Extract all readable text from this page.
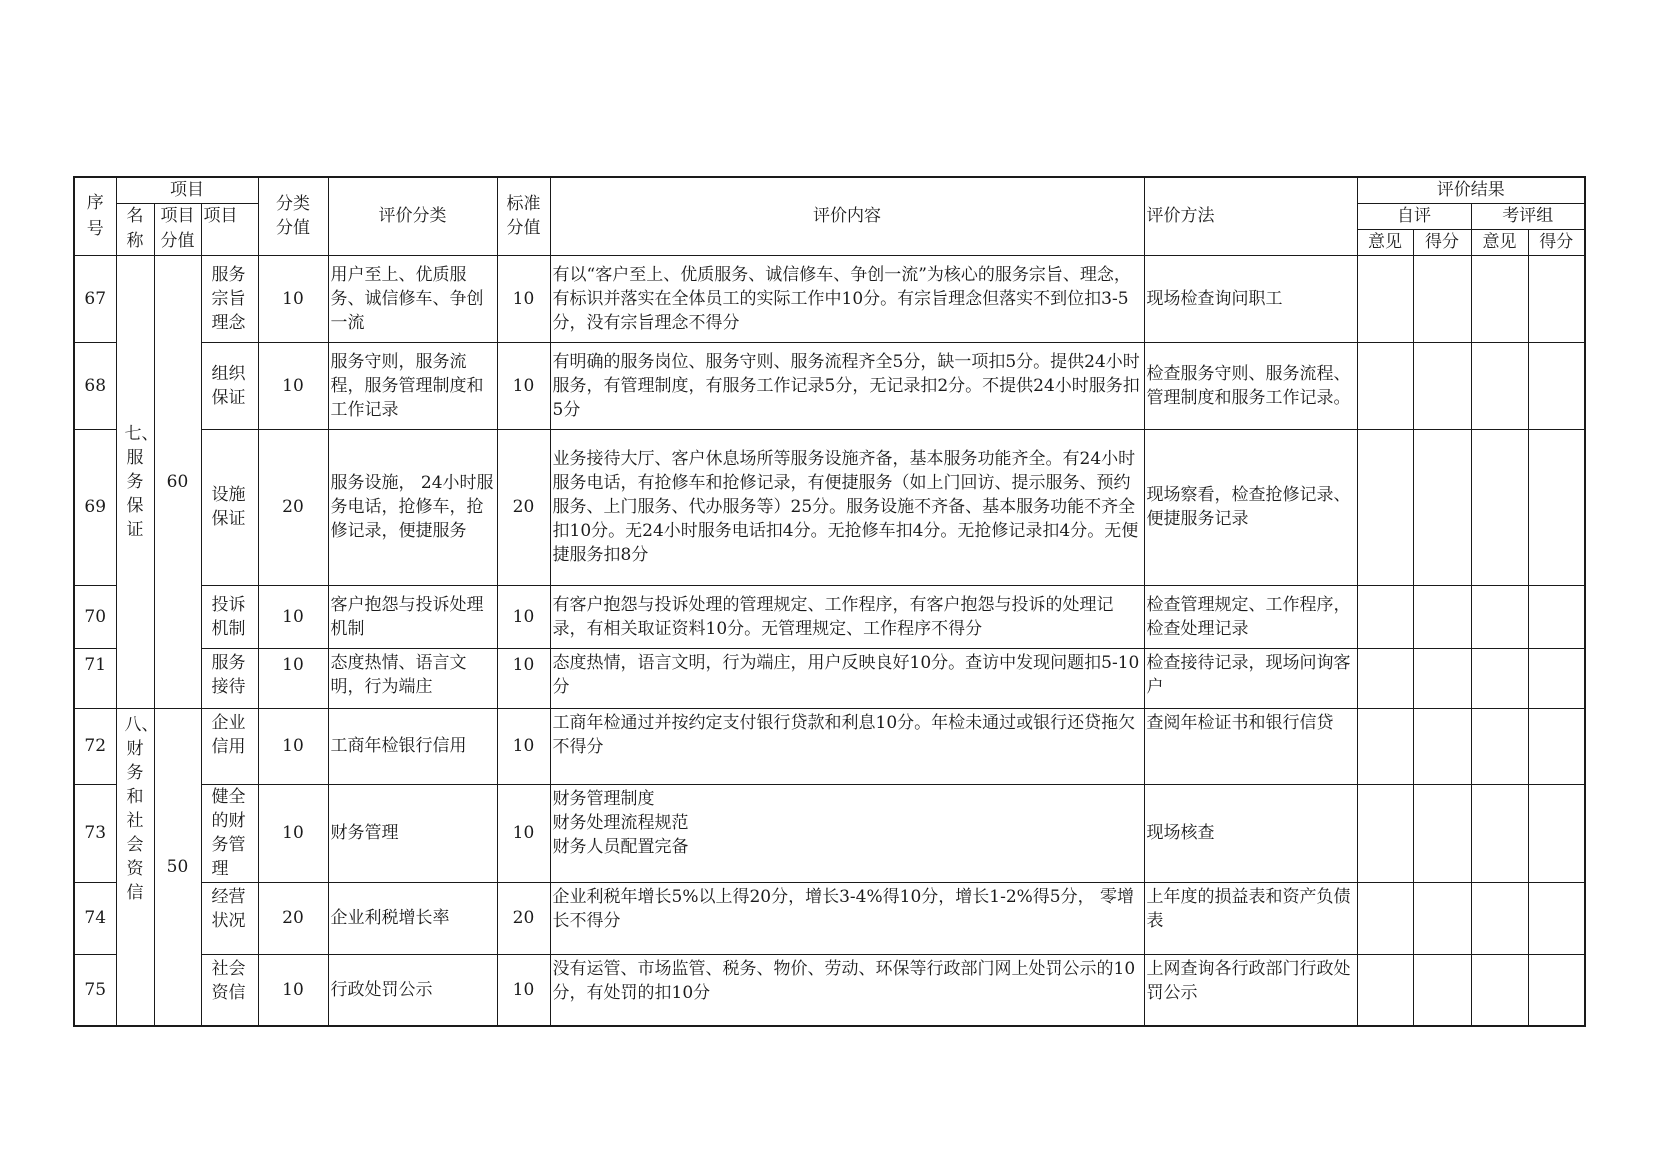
序号	项目			分类分值	评价分类	标准分值	评价内容	评价方法	评价结果			
	名称	项目分值	项目						自评		考评组	
									意见	得分	意见	得分
67	七、服务保证	60	服务宗旨理念	10	用户至上、优质服务、诚信修车、争创一流	10	有以“客户至上、优质服务、诚信修车、争创一流”为核心的服务宗旨、理念，有标识并落实在全体员工的实际工作中10分。有宗旨理念但落实不到位扣3-5分，没有宗旨理念不得分	现场检查询问职工				
68			组织保证	10	服务守则，服务流程，服务管理制度和工作记录	10	有明确的服务岗位、服务守则、服务流程齐全5分，缺一项扣5分。提供24小时服务，有管理制度，有服务工作记录5分，无记录扣2分。不提供24小时服务扣5分	检查服务守则、服务流程、管理制度和服务工作记录。				
69			设施保证	20	服务设施， 24小时服务电话，抢修车，抢修记录，便捷服务	20	业务接待大厅、客户休息场所等服务设施齐备，基本服务功能齐全。有24小时服务电话，有抢修车和抢修记录，有便捷服务（如上门回访、提示服务、预约服务、上门服务、代办服务等）25分。服务设施不齐备、基本服务功能不齐全扣10分。无24小时服务电话扣4分。无抢修车扣4分。无抢修记录扣4分。无便捷服务扣8分	现场察看，检查抢修记录、便捷服务记录				
70			投诉机制	10	客户抱怨与投诉处理机制	10	有客户抱怨与投诉处理的管理规定、工作程序，有客户抱怨与投诉的处理记录，有相关取证资料10分。无管理规定、工作程序不得分	检查管理规定、工作程序，检查处理记录				
71			服务接待	10	态度热情、语言文明，行为端庄	10	态度热情，语言文明，行为端庄，用户反映良好10分。查访中发现问题扣5-10分	检查接待记录，现场问询客户				
72	八、财务和社会资信	50	企业信用	10	工商年检银行信用	10	工商年检通过并按约定支付银行贷款和利息10分。年检未通过或银行还贷拖欠不得分	查阅年检证书和银行信贷				
73			健全的财务管理	10	财务管理	10	财务管理制度
财务处理流程规范
财务人员配置完备	现场核查				
74			经营状况	20	企业利税增长率	20	企业利税年增长5%以上得20分，增长3-4%得10分，增长1-2%得5分， 零增长不得分	上年度的损益表和资产负债表				
75			社会资信	10	行政处罚公示	10	没有运管、市场监管、税务、物价、劳动、环保等行政部门网上处罚公示的10分，有处罚的扣10分	上网查询各行政部门行政处罚公示				
